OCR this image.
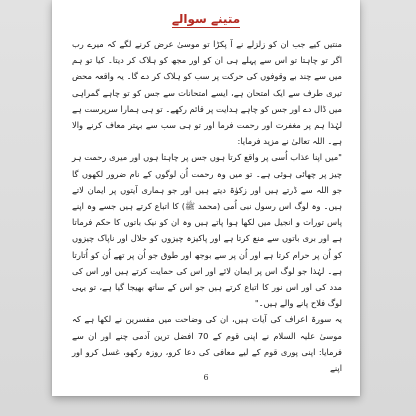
متینے سوالے

منتیں کیے جب ان کو زلزلے نے آ پکڑا تو موسیٰ عرض کرنے لگے کہ میرے رب اگر تو چاہتا تو اس سے پہلے ہی ان کو اور مجھ کو ہلاک کر دیتا۔ کیا تو ہم میں سے چند بے وقوفوں کی حرکت پر سب کو ہلاک کر دے گا۔ یہ واقعہ محض تیری طرف سے ایک امتحان ہے، ایسے امتحانات سے جس کو تو چاہے گمراہی میں ڈال دے اور جس کو چاہے ہدایت پر قائم رکھے۔ تو ہی ہمارا سرپرست ہے لہٰذا ہم پر مغفرت اور رحمت فرما اور تو ہی سب سے بہتر معاف کرنے والا ہے۔ اللہ تعالیٰ نے مزید فرمایا:

"میں اپنا عذاب اُسی پر واقع کرتا ہوں جس پر چاہتا ہوں اور میری رحمت ہر چیز پر چھائی ہوئی ہے۔ تو میں وہ رحمت اُن لوگوں کے نام ضرور لکھوں گا جو اللہ سے ڈرتے ہیں اور زکوٰۃ دیتے ہیں اور جو ہماری آیتوں پر ایمان لاتے ہیں۔ وہ لوگ اس رسول نبی اُمی (محمد ﷺ) کا اتباع کرتے ہیں جسے وہ اپنے پاس تورات و انجیل میں لکھا ہوا پاتے ہیں وہ ان کو نیک باتوں کا حکم فرماتا ہے اور بری باتوں سے منع کرتا ہے اور پاکیزہ چیزوں کو حلال اور ناپاک چیزوں کو اُن پر حرام کرتا ہے اور اُن پر سے بوجھ اور طوق جو اُن پر تھے اُن کو اُتارتا ہے۔ لہٰذا جو لوگ اس پر ایمان لائے اور اس کی حمایت کرتے ہیں اور اس کی مدد کی اور اس نور کا اتباع کرتے ہیں جو اس کے ساتھ بھیجا گیا ہے، تو یہی لوگ فلاح پانے والے ہیں۔"

یہ سورۃ اعراف کی آیات ہیں، ان کی وضاحت میں مفسرین نے لکھا ہے کہ موسیٰ علیہ السلام نے اپنی قوم کے 70 افضل ترین آدمی چنے اور ان سے فرمایا: اپنی پوری قوم کے لیے معافی کی دعا کرو، روزہ رکھو، غسل کرو اور اپنے

6
